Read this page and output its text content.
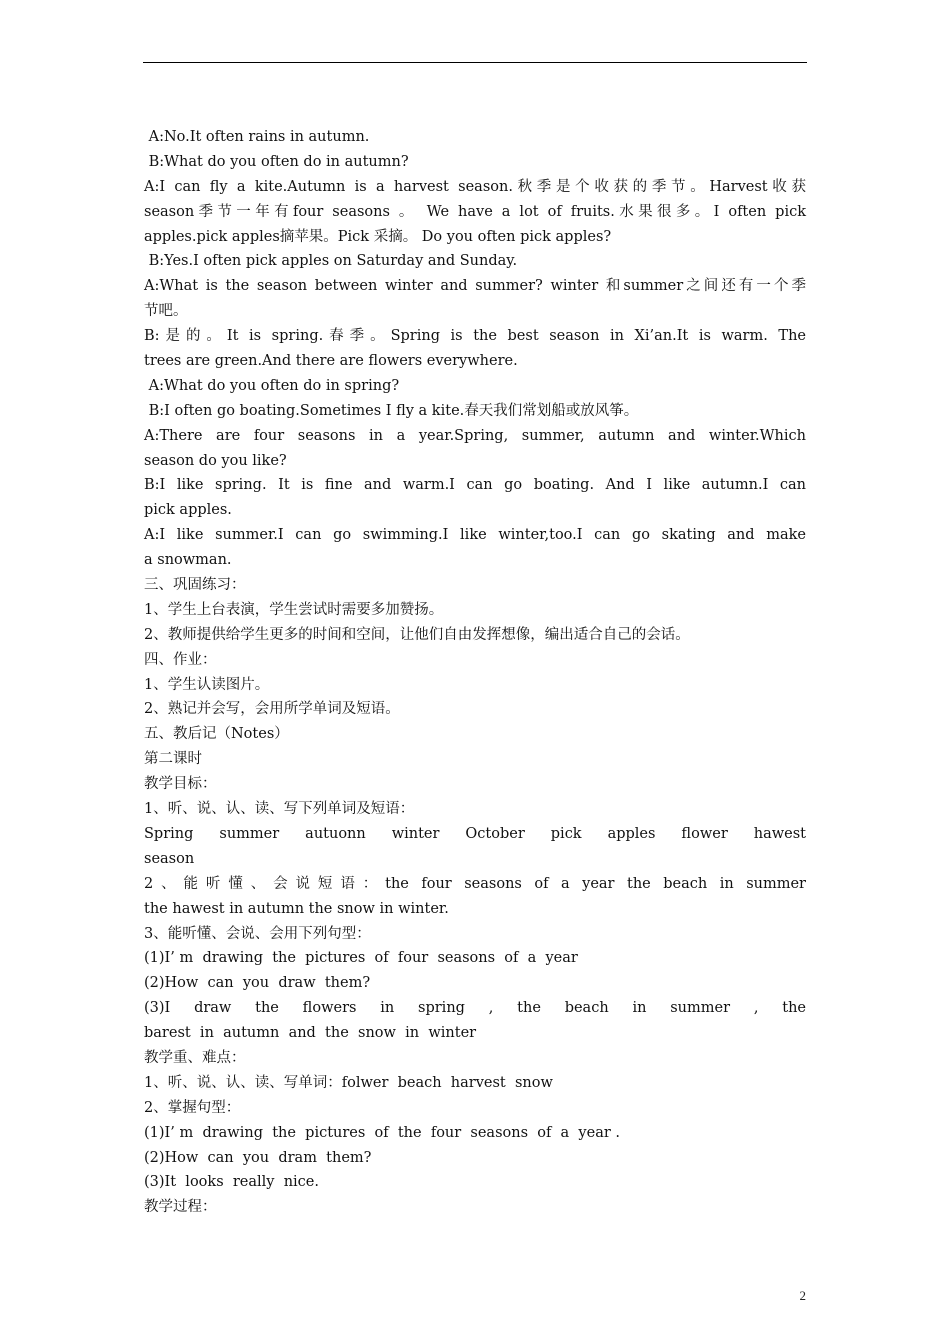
A:No.It often rains in autumn.
B:What do you often do in autumn?
A:I can fly a kite.Autumn is a harvest season.秋季是个收获的季节。Harvest收获
season季节一年有four seasons 。 We have a lot of fruits.水果很多。I often pick
apples.pick apples摘苹果。Pick 采摘。 Do you often pick apples?
B:Yes.I often pick apples on Saturday and Sunday.
A:What is the season between winter and summer? winter 和summer之间还有一个季
节吧。
B:是的。It is spring.春季。Spring is the best season in Xi’an.It is warm. The
trees are green.And there are flowers everywhere.
A:What do you often do in spring?
B:I often go boating.Sometimes I fly a kite.春天我们常划船或放风筝。
A:There are four seasons in a year.Spring, summer, autumn and winter.Which
season do you like?
B:I like spring. It is fine and warm.I can go boating. And I like autumn.I can
pick apples.
A:I like summer.I can go swimming.I like winter,too.I can go skating and make
a snowman.
三、巩固练习：
1、学生上台表演，学生尝试时需要多加赞扬。
2、教师提供给学生更多的时间和空间，让他们自由发挥想像，编出适合自己的会话。
四、作业：
1、学生认读图片。
2、熟记并会写，会用所学单词及短语。
五、教后记（Notes）
第二课时
教学目标：
1、听、说、认、读、写下列单词及短语：
Spring summer autuonn winter October pick apples flower hawest
season
2、能听懂、会说短语：the four seasons of a year the beach in summer
the hawest in autumn the snow in winter.
3、能听懂、会说、会用下列句型：
(1)I’ m  drawing  the  pictures  of  four  seasons  of  a  year
(2)How  can  you  draw  them?
(3)I draw the flowers in spring , the beach in summer , the
barest  in  autumn  and  the  snow  in  winter
教学重、难点：
1、听、说、认、读、写单词：folwer  beach  harvest  snow
2、掌握句型：
(1)I’ m  drawing  the  pictures  of  the  four  seasons  of  a  year .
(2)How  can  you  dram  them?
(3)It  looks  really  nice.
教学过程：
2
